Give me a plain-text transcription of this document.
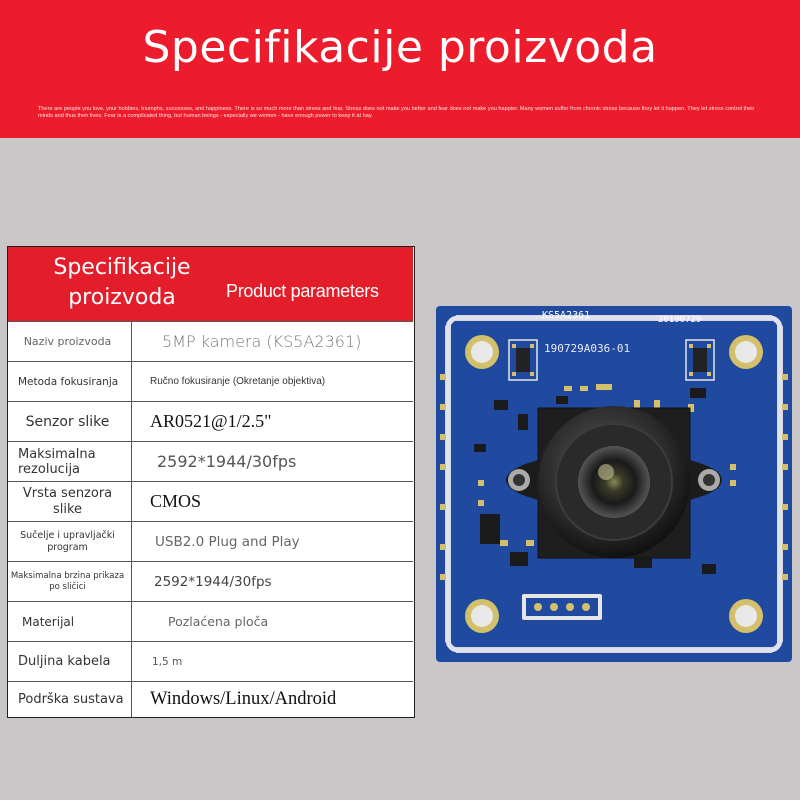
Specifikacije proizvoda
There are people you love, your hobbies, triumphs, successes, and happiness. There is so much more than stress and fear. Stress does not make you better and fear does not make you happier. Many women suffer from chronic stress because they let it happen. They let stress control their minds and thus their lives. Fear is a complicated thing, but human beings - especially we women - have enough power to keep it at bay.
Specifikacije proizvoda	Product parameters
Naziv proizvoda	5MP kamera (KS5A2361)
Metoda fokusiranja	Ručno fokusiranje (Okretanje objektiva)
Senzor slike	AR0521@1/2.5"
Maksimalna rezolucija	2592*1944/30fps
Vrsta senzora slike	CMOS
Sučelje i upravljački program	USB2.0 Plug and Play
Maksimalna brzina prikaza po sličici	2592*1944/30fps
Materijal	Pozlaćena ploča
Duljina kabela	1,5 m
Podrška sustava	Windows/Linux/Android
KS5A2361	20190729
190729A036-01
